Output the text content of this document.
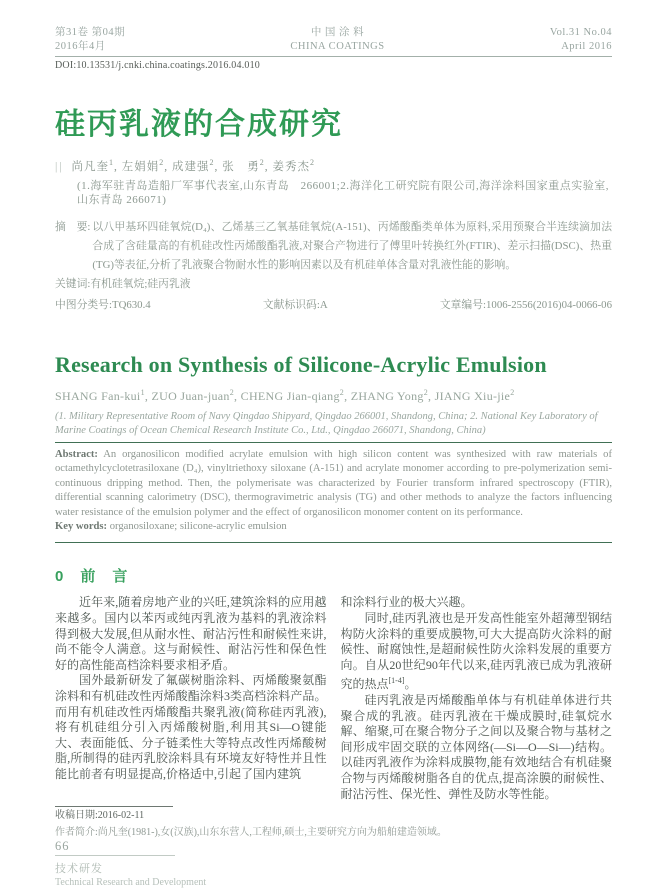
第31卷 第04期
2016年4月
中 国 涂 料
CHINA COATINGS
Vol.31 No.04
April 2016
DOI:10.13531/j.cnki.china.coatings.2016.04.010
硅丙乳液的合成研究
|| 尚凡奎$^1$, 左娟娟$^2$, 成建强$^2$, 张　勇$^2$, 姜秀杰$^2$
(1.海军驻青岛造船厂军事代表室,山东青岛　266001;2.海洋化工研究院有限公司,海洋涂料国家重点实验室,山东青岛 266071)
摘　要: 以八甲基环四硅氧烷(D₄)、乙烯基三乙氧基硅氧烷(A-151)、丙烯酸酯类单体为原料,采用预聚合半连续滴加法合成了含硅量高的有机硅改性丙烯酸酯乳液,对聚合产物进行了傅里叶转换红外(FTIR)、差示扫描(DSC)、热重(TG)等表征,分析了乳液聚合物耐水性的影响因素以及有机硅单体含量对乳液性能的影响。
关键词:有机硅氧烷;硅丙乳液
中图分类号:TQ630.4	文献标识码:A	文章编号:1006-2556(2016)04-0066-06
Research on Synthesis of Silicone-Acrylic Emulsion
SHANG Fan-kui$^1$, ZUO Juan-juan$^2$, CHENG Jian-qiang$^2$, ZHANG Yong$^2$, JIANG Xiu-jie$^2$
(1. Military Representative Room of Navy Qingdao Shipyard, Qingdao 266001, Shandong, China; 2. National Key Laboratory of Marine Coatings of Ocean Chemical Research Institute Co., Ltd., Qingdao 266071, Shandong, China)

Abstract: An organosilicon modified acrylate emulsion with high silicon content was synthesized with raw materials of octamethylcyclotetrasiloxane (D₄), vinyltriethoxy siloxane (A-151) and acrylate monomer according to pre-polymerization semi-continuous dripping method. Then, the polymerisate was characterized by Fourier transform infrared spectroscopy (FTIR), differential scanning calorimetry (DSC), thermogravimetric analysis (TG) and other methods to analyze the factors influencing water resistance of the emulsion polymer and the effect of organosilicon monomer content on its performance.

Key words: organosiloxane; silicone-acrylic emulsion

0　前　言

近年来,随着房地产业的兴旺,建筑涂料的应用越来越多。国内以苯丙或纯丙乳液为基料的乳液涂料得到极大发展,但从耐水性、耐沾污性和耐候性来讲,尚不能令人满意。这与耐候性、耐沾污性和保色性好的高性能高档涂料要求相矛盾。

国外最新研发了氟碳树脂涂料、丙烯酸聚氨酯涂料和有机硅改性丙烯酸酯涂料3类高档涂料产品。而用有机硅改性丙烯酸酯共聚乳液(简称硅丙乳液),将有机硅组分引入丙烯酸树脂,利用其Si—O键能大、表面能低、分子链柔性大等特点改性丙烯酸树脂,所制得的硅丙乳胶涂料具有环境友好特性并且性能比前者有明显提高,价格适中,引起了国内建筑

和涂料行业的极大兴趣。

同时,硅丙乳液也是开发高性能室外超薄型钢结构防火涂料的重要成膜物,可大大提高防火涂料的耐候性、耐腐蚀性,是超耐候性防火涂料发展的重要方向。自从20世纪90年代以来,硅丙乳液已成为乳液研究的热点[1-4]。

硅丙乳液是丙烯酸酯单体与有机硅单体进行共聚合成的乳液。硅丙乳液在干燥成膜时,硅氧烷水解、缩聚,可在聚合物分子之间以及聚合物与基材之间形成牢固交联的立体网络(—Si—O—Si—)结构。以硅丙乳液作为涂料成膜物,能有效地结合有机硅聚合物与丙烯酸树脂各自的优点,提高涂膜的耐候性、耐沾污性、保光性、弹性及防水等性能。

收稿日期:2016-02-11
作者简介:尚凡奎(1981-),女(汉族),山东东营人,工程师,硕士,主要研究方向为船舶建造领域。
66
技术研发
Technical Research and Development
